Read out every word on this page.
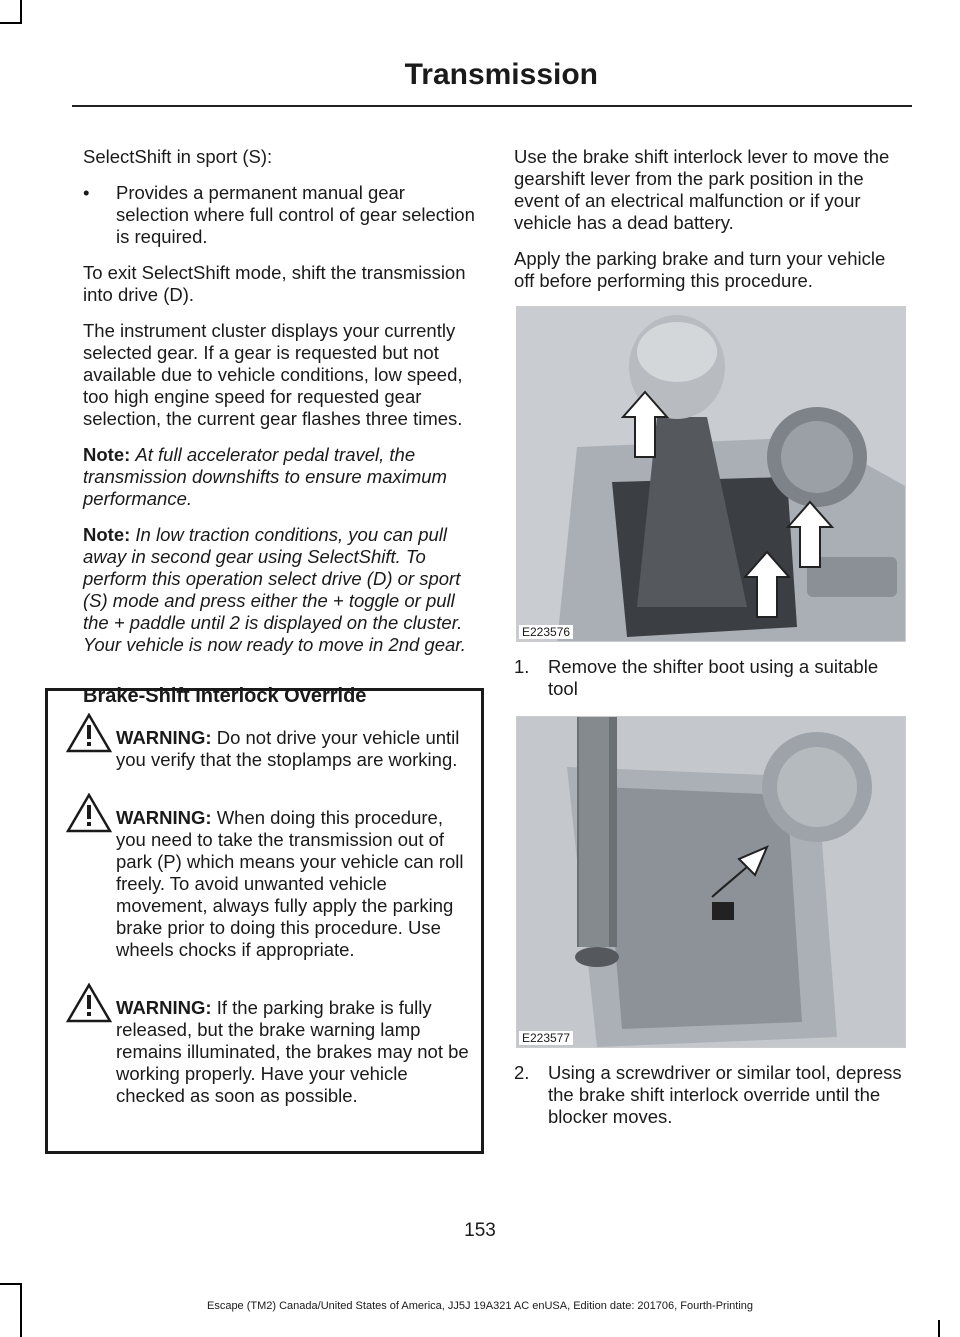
Transmission

SelectShift in sport (S):

•	Provides a permanent manual gear selection where full control of gear selection is required.

To exit SelectShift mode, shift the transmission into drive (D).

The instrument cluster displays your currently selected gear. If a gear is requested but not available due to vehicle conditions, low speed, too high engine speed for requested gear selection, the current gear flashes three times.

Note: At full accelerator pedal travel, the transmission downshifts to ensure maximum performance.

Note: In low traction conditions, you can pull away in second gear using SelectShift. To perform this operation select drive (D) or sport (S) mode and press either the + toggle or pull the + paddle until 2 is displayed on the cluster. Your vehicle is now ready to move in 2nd gear.

Brake-Shift Interlock Override
WARNING: Do not drive your vehicle until you verify that the stoplamps are working.
WARNING: When doing this procedure, you need to take the transmission out of park (P) which means your vehicle can roll freely. To avoid unwanted vehicle movement, always fully apply the parking brake prior to doing this procedure. Use wheels chocks if appropriate.
WARNING: If the parking brake is fully released, but the brake warning lamp remains illuminated, the brakes may not be working properly. Have your vehicle checked as soon as possible.

Use the brake shift interlock lever to move the gearshift lever from the park position in the event of an electrical malfunction or if your vehicle has a dead battery.

Apply the parking brake and turn your vehicle off before performing this procedure.

E223576
1.	Remove the shifter boot using a suitable tool
E223577
2.	Using a screwdriver or similar tool, depress the brake shift interlock override until the blocker moves.
153
Escape (TM2) Canada/United States of America, JJ5J 19A321 AC enUSA, Edition date: 201706, Fourth-Printing
